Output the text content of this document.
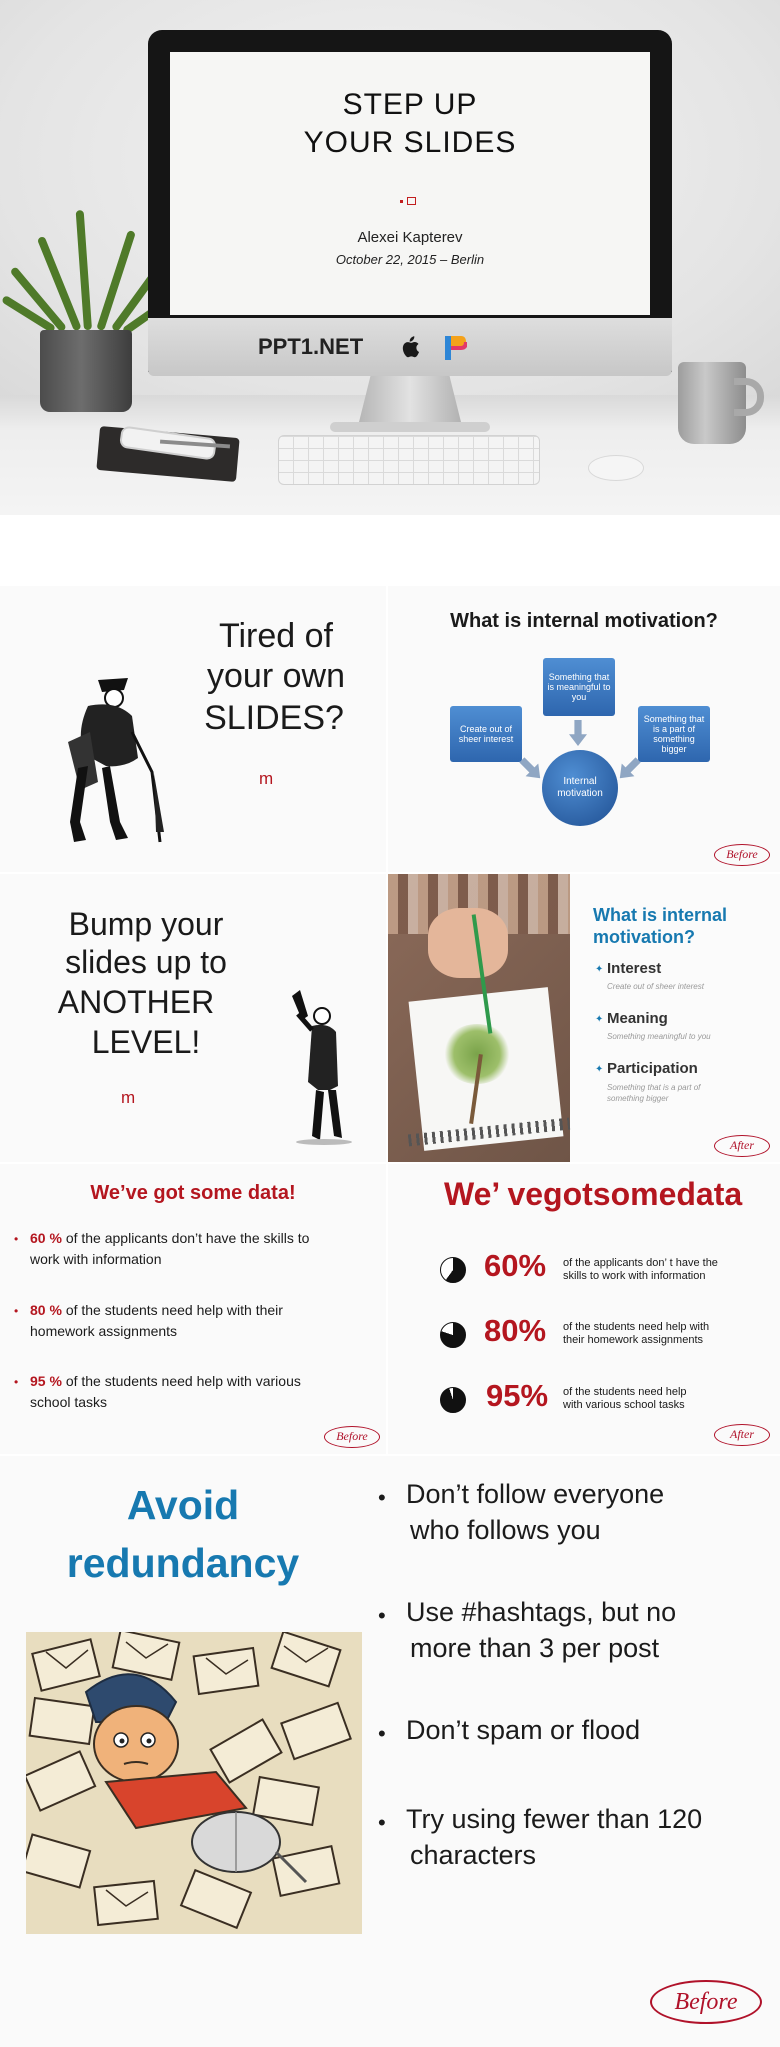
STEP UP
YOUR SLIDES
Alexei Kapterev
October 22, 2015 – Berlin
PPT1.NET
Tired of
your own
SLIDES?
m
What is internal motivation?
Something that is meaningful to you
Create out of sheer interest
Something that is a part of something bigger
Internal motivation
Before
Bump your
slides up to
ANOTHER
LEVEL!
m
What is internal motivation?
✦ Interest
Create out of sheer interest
✦ Meaning
Something meaningful to you
✦ Participation
Something that is a part of something bigger
After
We’ve got some data!
• 60 % of the applicants don’t have the skills to
work with information
• 80 % of the students need help with their
homework assignments
• 95 % of the students need help with various
school tasks
Before
We’ vegotsomedata
60% of the applicants don’ t have the
skills to work with information
80% of the students need help with
their homework assignments
95% of the students need help
with various school tasks
After
Avoid
redundancy
• Don’t follow everyone
who follows you
• Use #hashtags, but no
more than 3 per post
• Don’t spam or flood
• Try using fewer than 120
characters
Before
